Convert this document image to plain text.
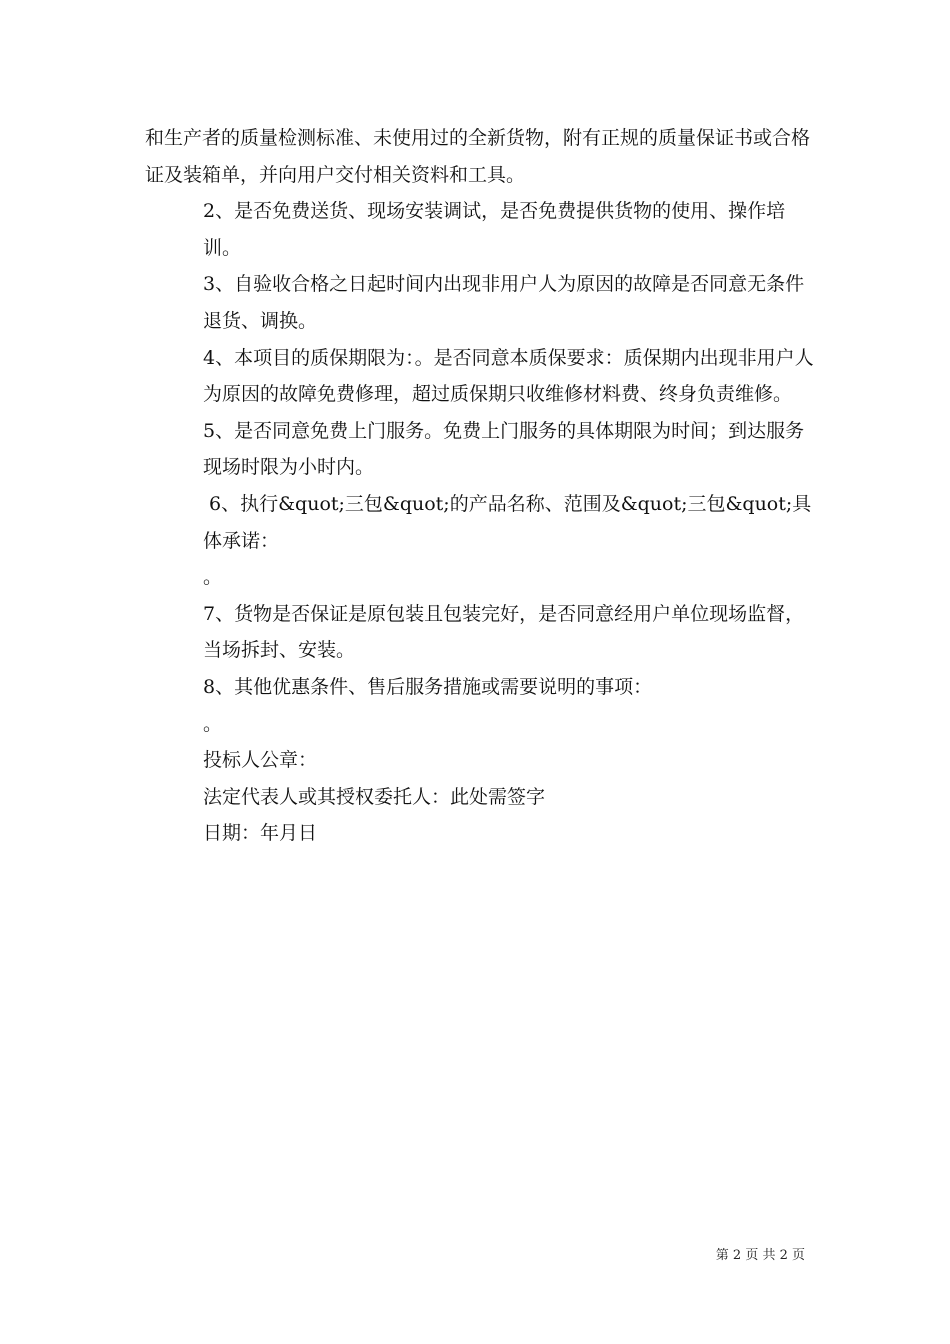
和生产者的质量检测标准、未使用过的全新货物，附有正规的质量保证书或合格证及装箱单，并向用户交付相关资料和工具。

2、是否免费送货、现场安装调试，是否免费提供货物的使用、操作培训。

3、自验收合格之日起时间内出现非用户人为原因的故障是否同意无条件退货、调换。

4、本项目的质保期限为：。是否同意本质保要求：质保期内出现非用户人为原因的故障免费修理，超过质保期只收维修材料费、终身负责维修。

5、是否同意免费上门服务。免费上门服务的具体期限为时间；到达服务现场时限为小时内。

6、执行&quot;三包&quot;的产品名称、范围及&quot;三包&quot;具体承诺：

。

7、货物是否保证是原包装且包装完好，是否同意经用户单位现场监督，当场拆封、安装。

8、其他优惠条件、售后服务措施或需要说明的事项：

。

投标人公章：

法定代表人或其授权委托人：此处需签字

日期：年月日

第 2 页 共 2 页
